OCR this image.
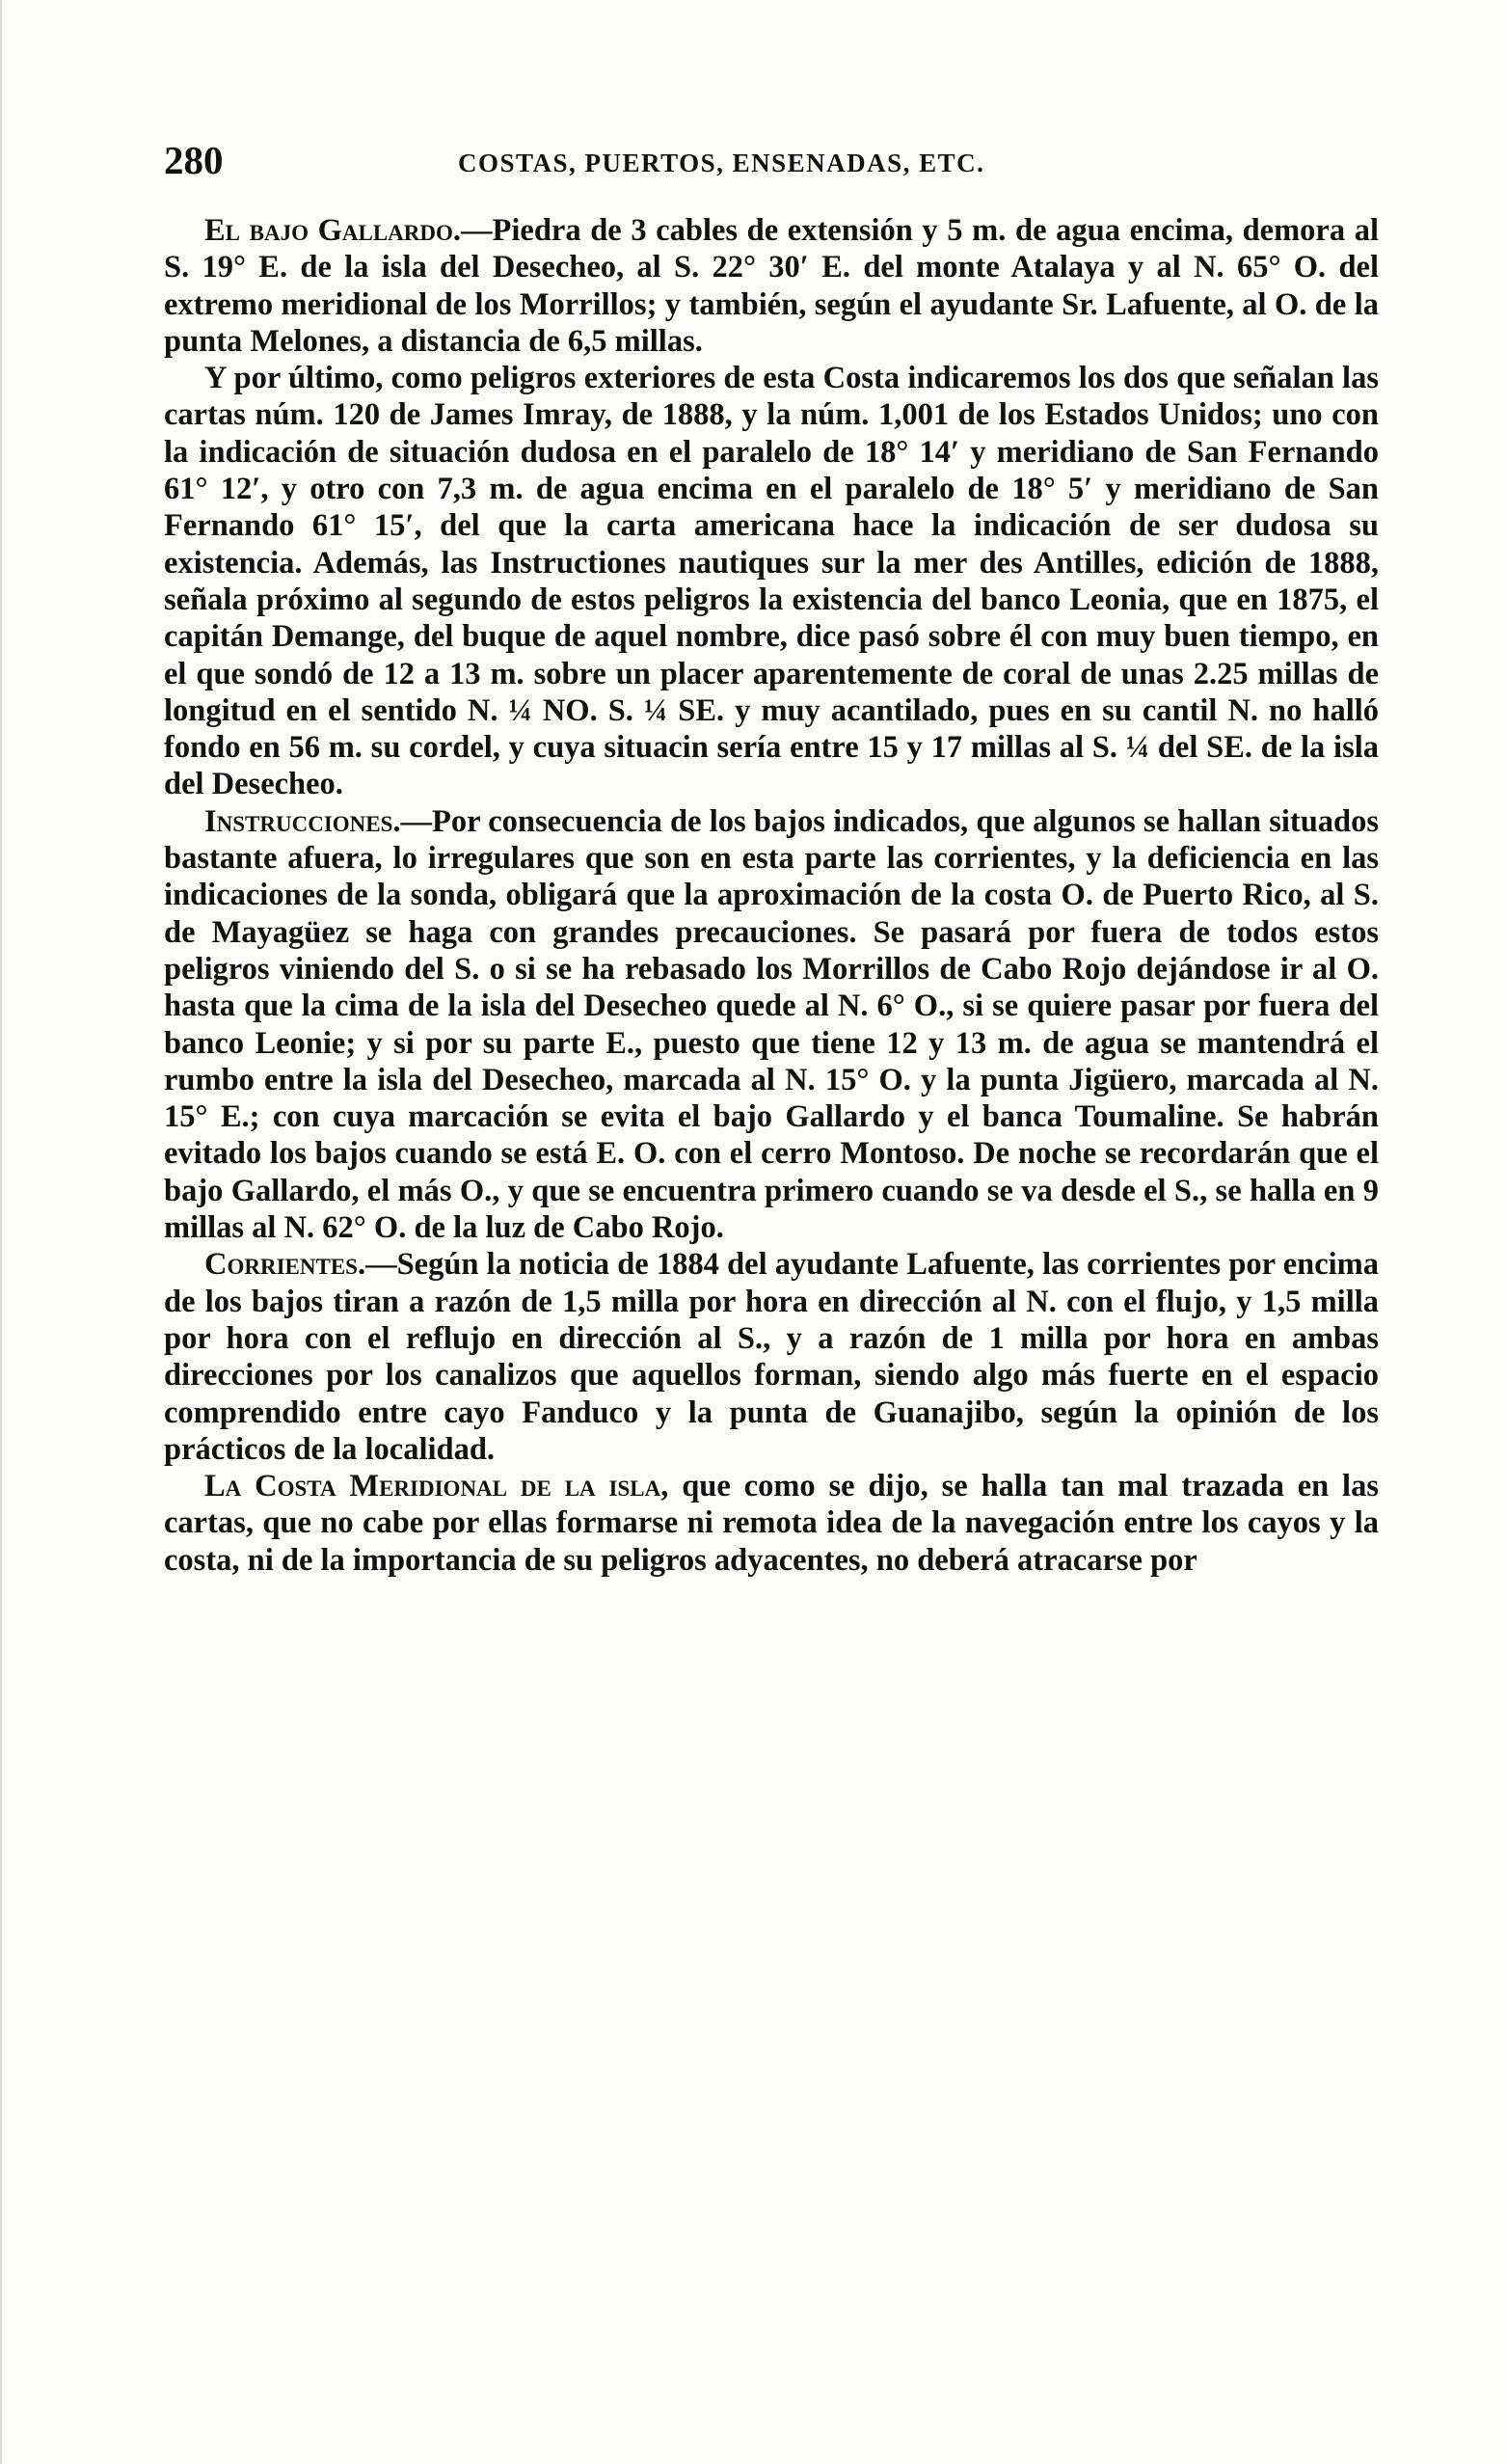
280	COSTAS, PUERTOS, ENSENADAS, ETC.

El bajo Gallardo.—Piedra de 3 cables de extensión y 5 m. de agua encima, demora al S. 19° E. de la isla del Desecheo, al S. 22° 30′ E. del monte Atalaya y al N. 65° O. del extremo meridional de los Morrillos; y también, según el ayudante Sr. Lafuente, al O. de la punta Melones, a distancia de 6,5 millas.

Y por último, como peligros exteriores de esta Costa indicaremos los dos que señalan las cartas núm. 120 de James Imray, de 1888, y la núm. 1,001 de los Estados Unidos; uno con la indicación de situación dudosa en el paralelo de 18° 14′ y meridiano de San Fernando 61° 12′, y otro con 7,3 m. de agua encima en el paralelo de 18° 5′ y meridiano de San Fernando 61° 15′, del que la carta americana hace la indicación de ser dudosa su existencia. Además, las Instructiones nautiques sur la mer des Antilles, edición de 1888, señala próximo al segundo de estos peligros la existencia del banco Leonia, que en 1875, el capitán Demange, del buque de aquel nombre, dice pasó sobre él con muy buen tiempo, en el que sondó de 12 a 13 m. sobre un placer aparentemente de coral de unas 2.25 millas de longitud en el sentido N. ¼ NO. S. ¼ SE. y muy acantilado, pues en su cantil N. no halló fondo en 56 m. su cordel, y cuya situacin sería entre 15 y 17 millas al S. ¼ del SE. de la isla del Desecheo.

Instrucciones.—Por consecuencia de los bajos indicados, que algunos se hallan situados bastante afuera, lo irregulares que son en esta parte las corrientes, y la deficiencia en las indicaciones de la sonda, obligará que la aproximación de la costa O. de Puerto Rico, al S. de Mayagüez se haga con grandes precauciones. Se pasará por fuera de todos estos peligros viniendo del S. o si se ha rebasado los Morrillos de Cabo Rojo dejándose ir al O. hasta que la cima de la isla del Desecheo quede al N. 6° O., si se quiere pasar por fuera del banco Leonie; y si por su parte E., puesto que tiene 12 y 13 m. de agua se mantendrá el rumbo entre la isla del Desecheo, marcada al N. 15° O. y la punta Jigüero, marcada al N. 15° E.; con cuya marcación se evita el bajo Gallardo y el banca Toumaline. Se habrán evitado los bajos cuando se está E. O. con el cerro Montoso. De noche se recordarán que el bajo Gallardo, el más O., y que se encuentra primero cuando se va desde el S., se halla en 9 millas al N. 62° O. de la luz de Cabo Rojo.

Corrientes.—Según la noticia de 1884 del ayudante Lafuente, las corrientes por encima de los bajos tiran a razón de 1,5 milla por hora en dirección al N. con el flujo, y 1,5 milla por hora con el reflujo en dirección al S., y a razón de 1 milla por hora en ambas direcciones por los canalizos que aquellos forman, siendo algo más fuerte en el espacio comprendido entre cayo Fanduco y la punta de Guanajibo, según la opinión de los prácticos de la localidad.

La Costa Meridional de la isla, que como se dijo, se halla tan mal trazada en las cartas, que no cabe por ellas formarse ni remota idea de la navegación entre los cayos y la costa, ni de la importancia de su peligros adyacentes, no deberá atracarse por
